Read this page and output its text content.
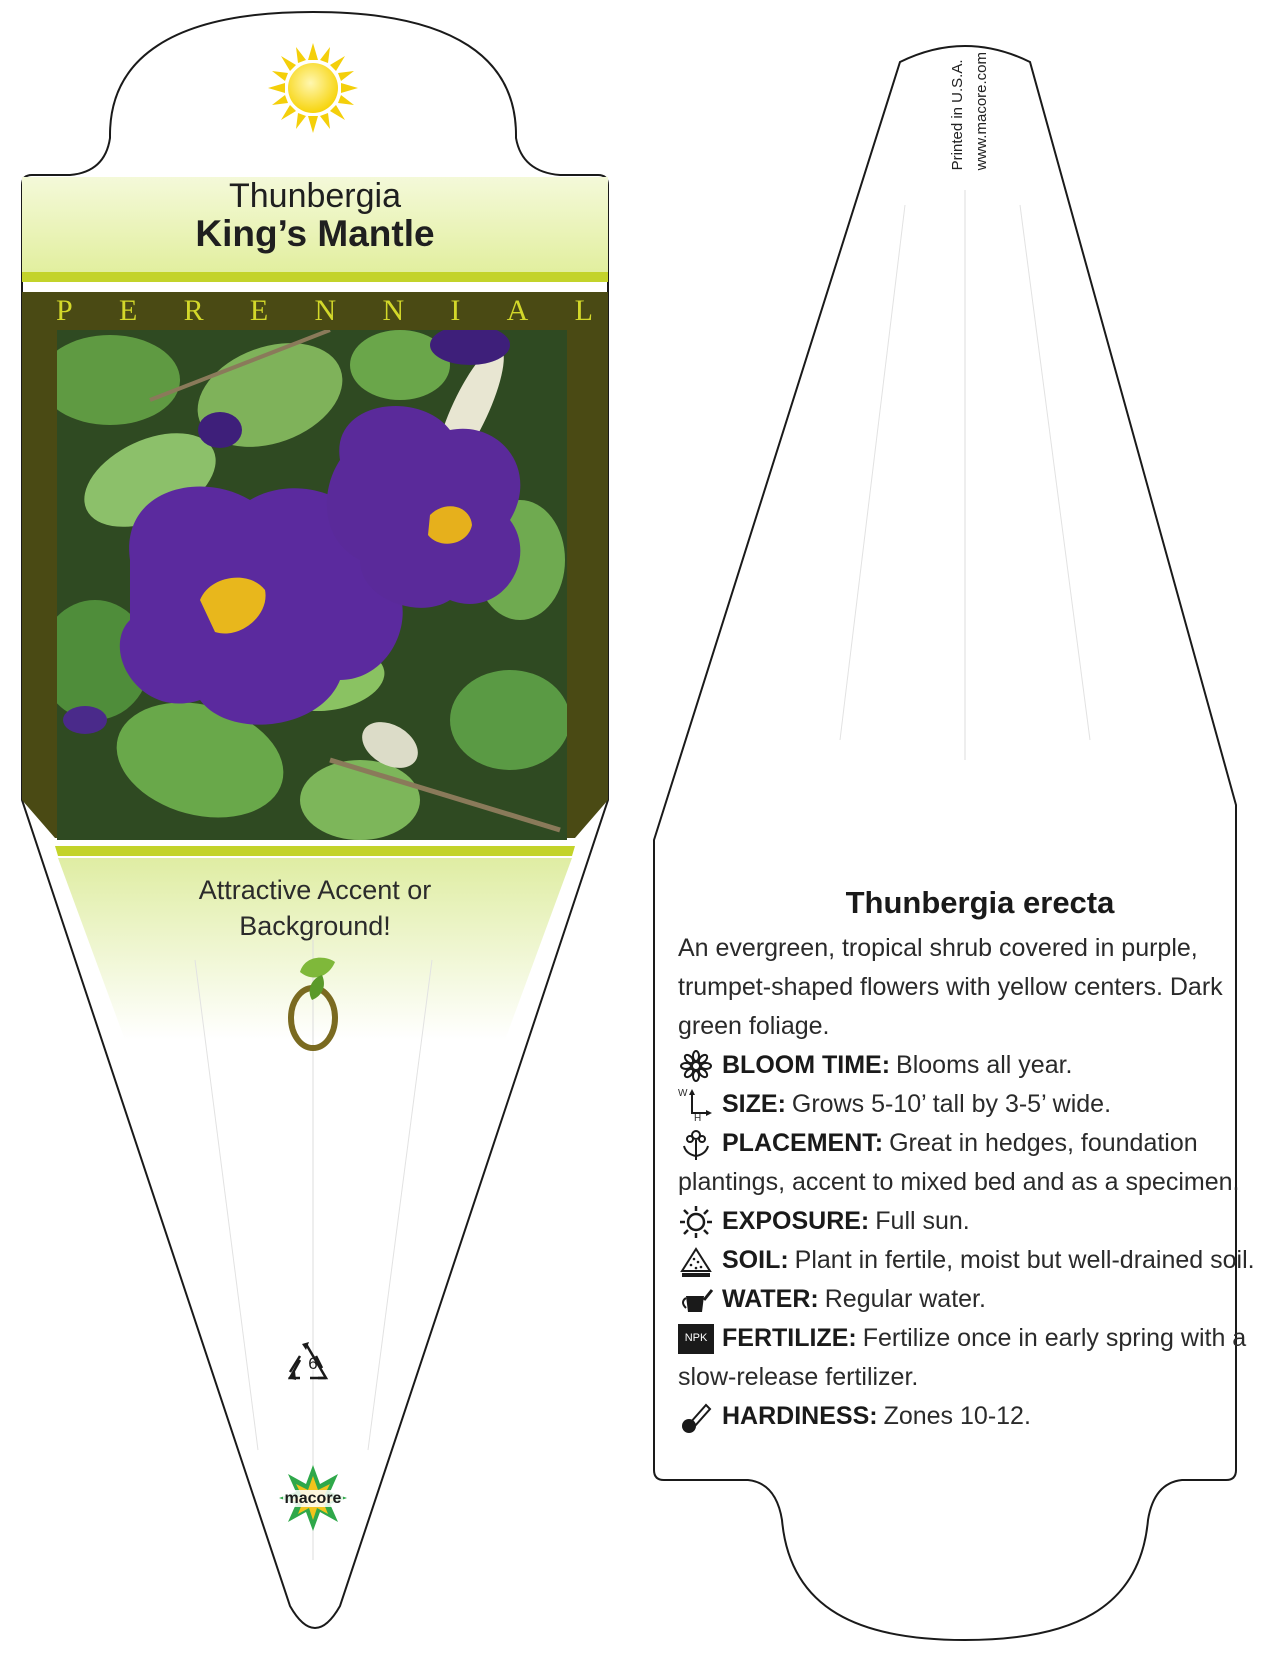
Thunbergia
King’s Mantle
P E R E N N I A L
Attractive Accent or
Background!
6
macore
Printed in U.S.A. www.macore.com
Thunbergia erecta

An evergreen, tropical shrub covered in purple,

trumpet-shaped flowers with yellow centers. Dark

green foliage.

BLOOM TIME: Blooms all year.
W
H SIZE: Grows 5-10’ tall by 3-5’ wide.
PLACEMENT: Great in hedges, foundation

plantings, accent to mixed bed and as a specimen.

EXPOSURE: Full sun.
SOIL: Plant in fertile, moist but well-drained soil.
WATER: Regular water.
NPK FERTILIZE: Fertilize once in early spring with a

slow-release fertilizer.

HARDINESS: Zones 10-12.
